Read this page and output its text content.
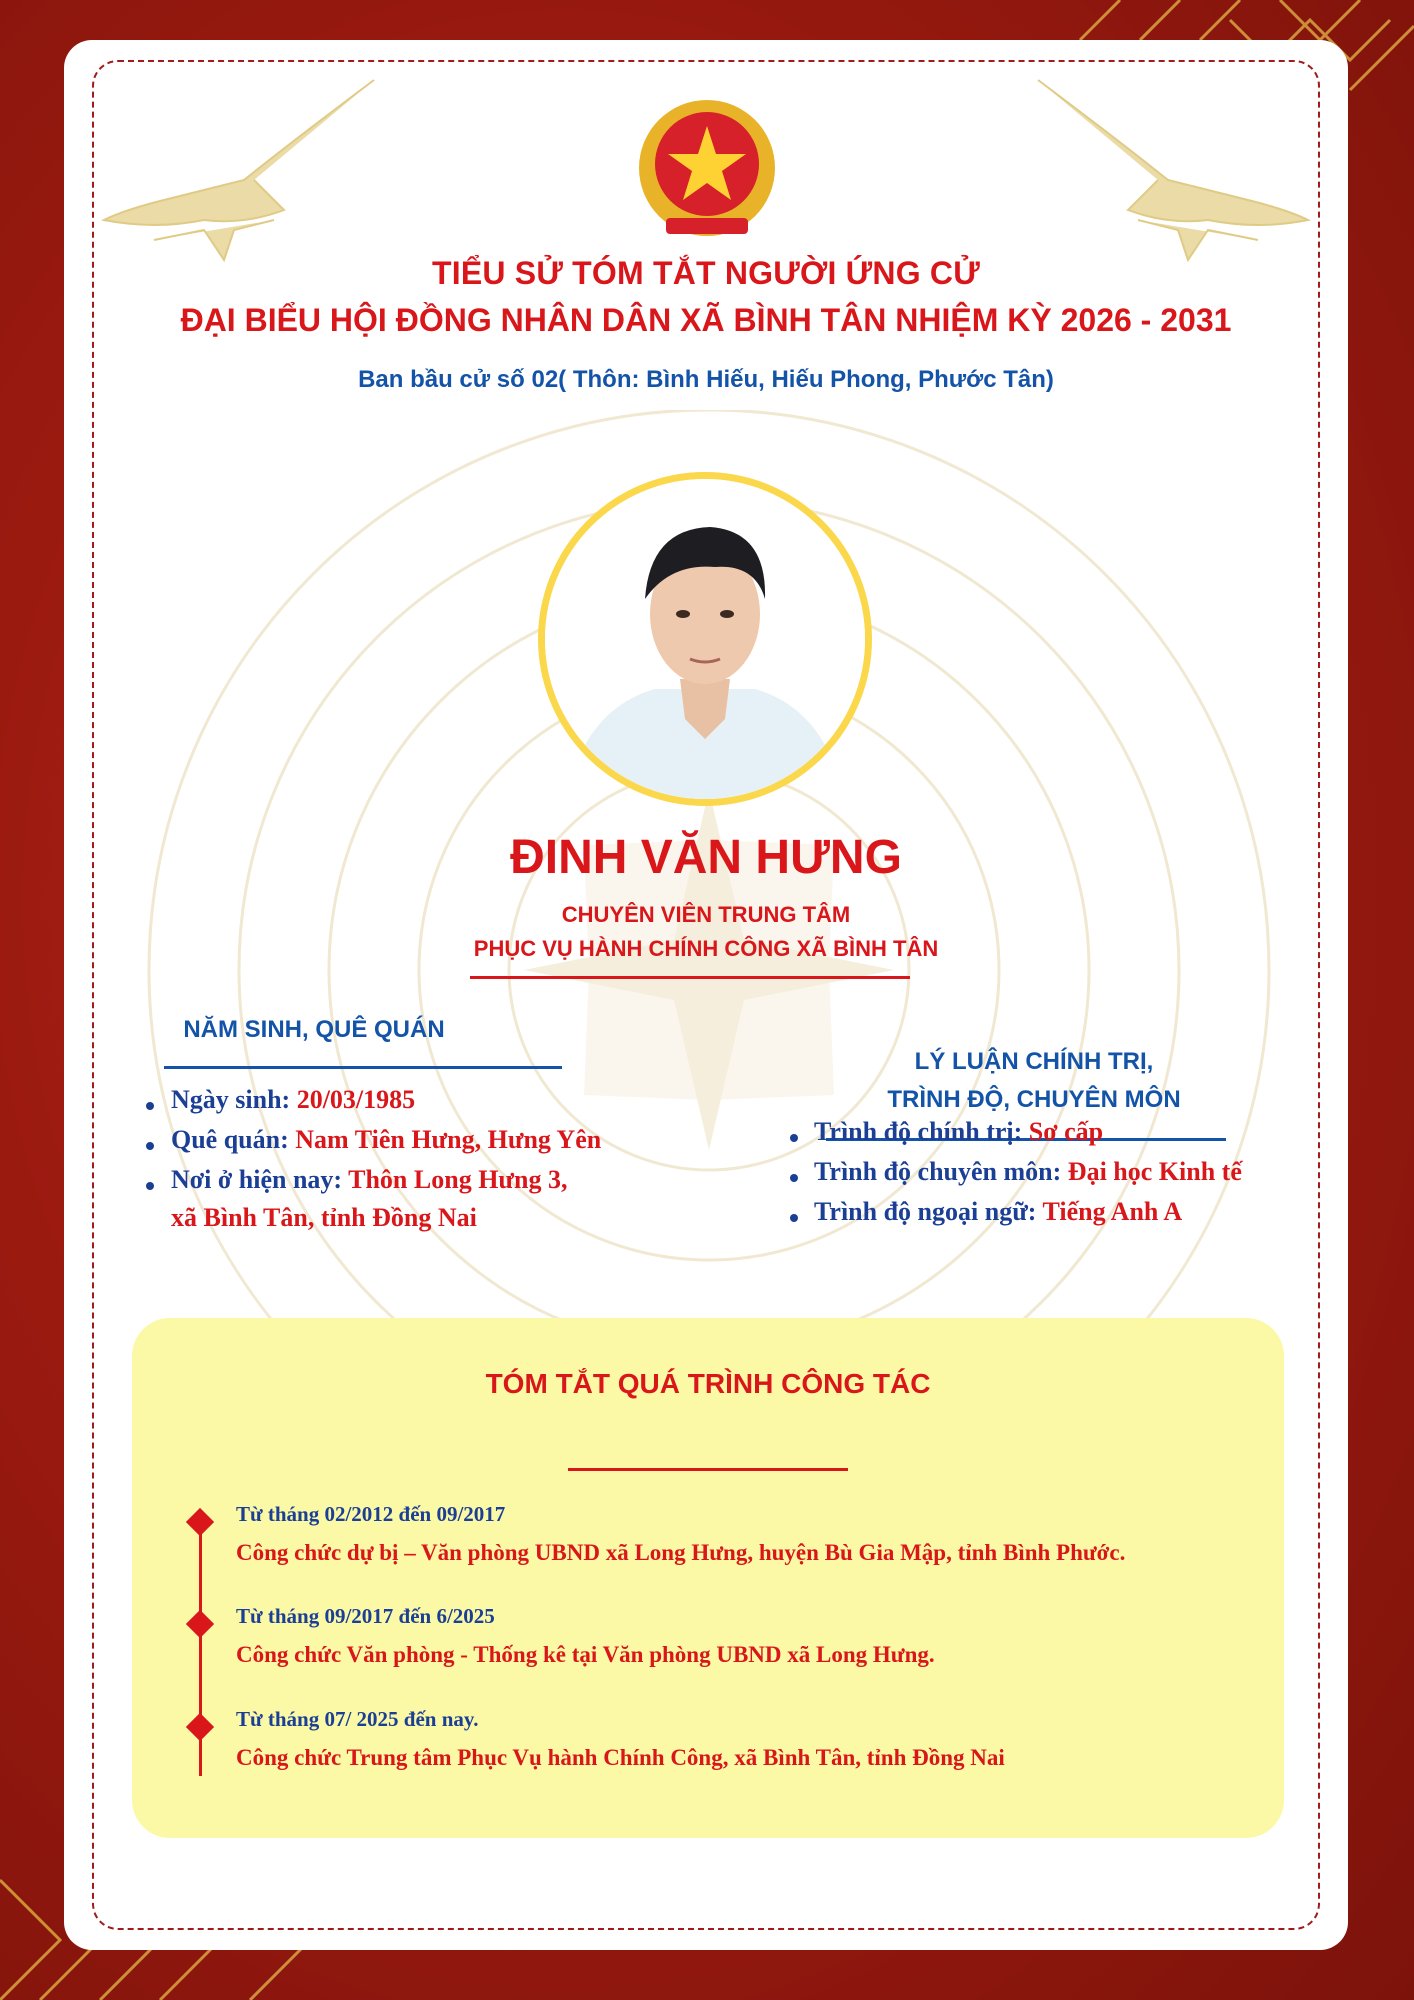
TIỂU SỬ TÓM TẮT NGƯỜI ỨNG CỬ
ĐẠI BIỂU HỘI ĐỒNG NHÂN DÂN XÃ BÌNH TÂN NHIỆM KỲ 2026 - 2031
Ban bầu cử số 02( Thôn: Bình Hiếu, Hiếu Phong, Phước Tân)
ĐINH VĂN HƯNG
CHUYÊN VIÊN TRUNG TÂM
PHỤC VỤ HÀNH CHÍNH CÔNG XÃ BÌNH TÂN
NĂM SINH, QUÊ QUÁN
Ngày sinh: 20/03/1985
Quê quán: Nam Tiên Hưng, Hưng Yên
Nơi ở hiện nay: Thôn Long Hưng 3,
xã Bình Tân, tỉnh Đồng Nai
LÝ LUẬN CHÍNH TRỊ,
TRÌNH ĐỘ, CHUYÊN MÔN
Trình độ chính trị: Sơ cấp
Trình độ chuyên môn: Đại học Kinh tế
Trình độ ngoại ngữ: Tiếng Anh A
TÓM TẮT QUÁ TRÌNH CÔNG TÁC
Từ tháng 02/2012 đến 09/2017
Công chức dự bị – Văn phòng UBND xã Long Hưng, huyện Bù Gia Mập, tỉnh Bình Phước.
Từ tháng 09/2017 đến 6/2025
Công chức Văn phòng - Thống kê tại Văn phòng UBND xã Long Hưng.
Từ tháng 07/ 2025 đến nay.
Công chức Trung tâm Phục Vụ hành Chính Công, xã Bình Tân, tỉnh Đồng Nai
